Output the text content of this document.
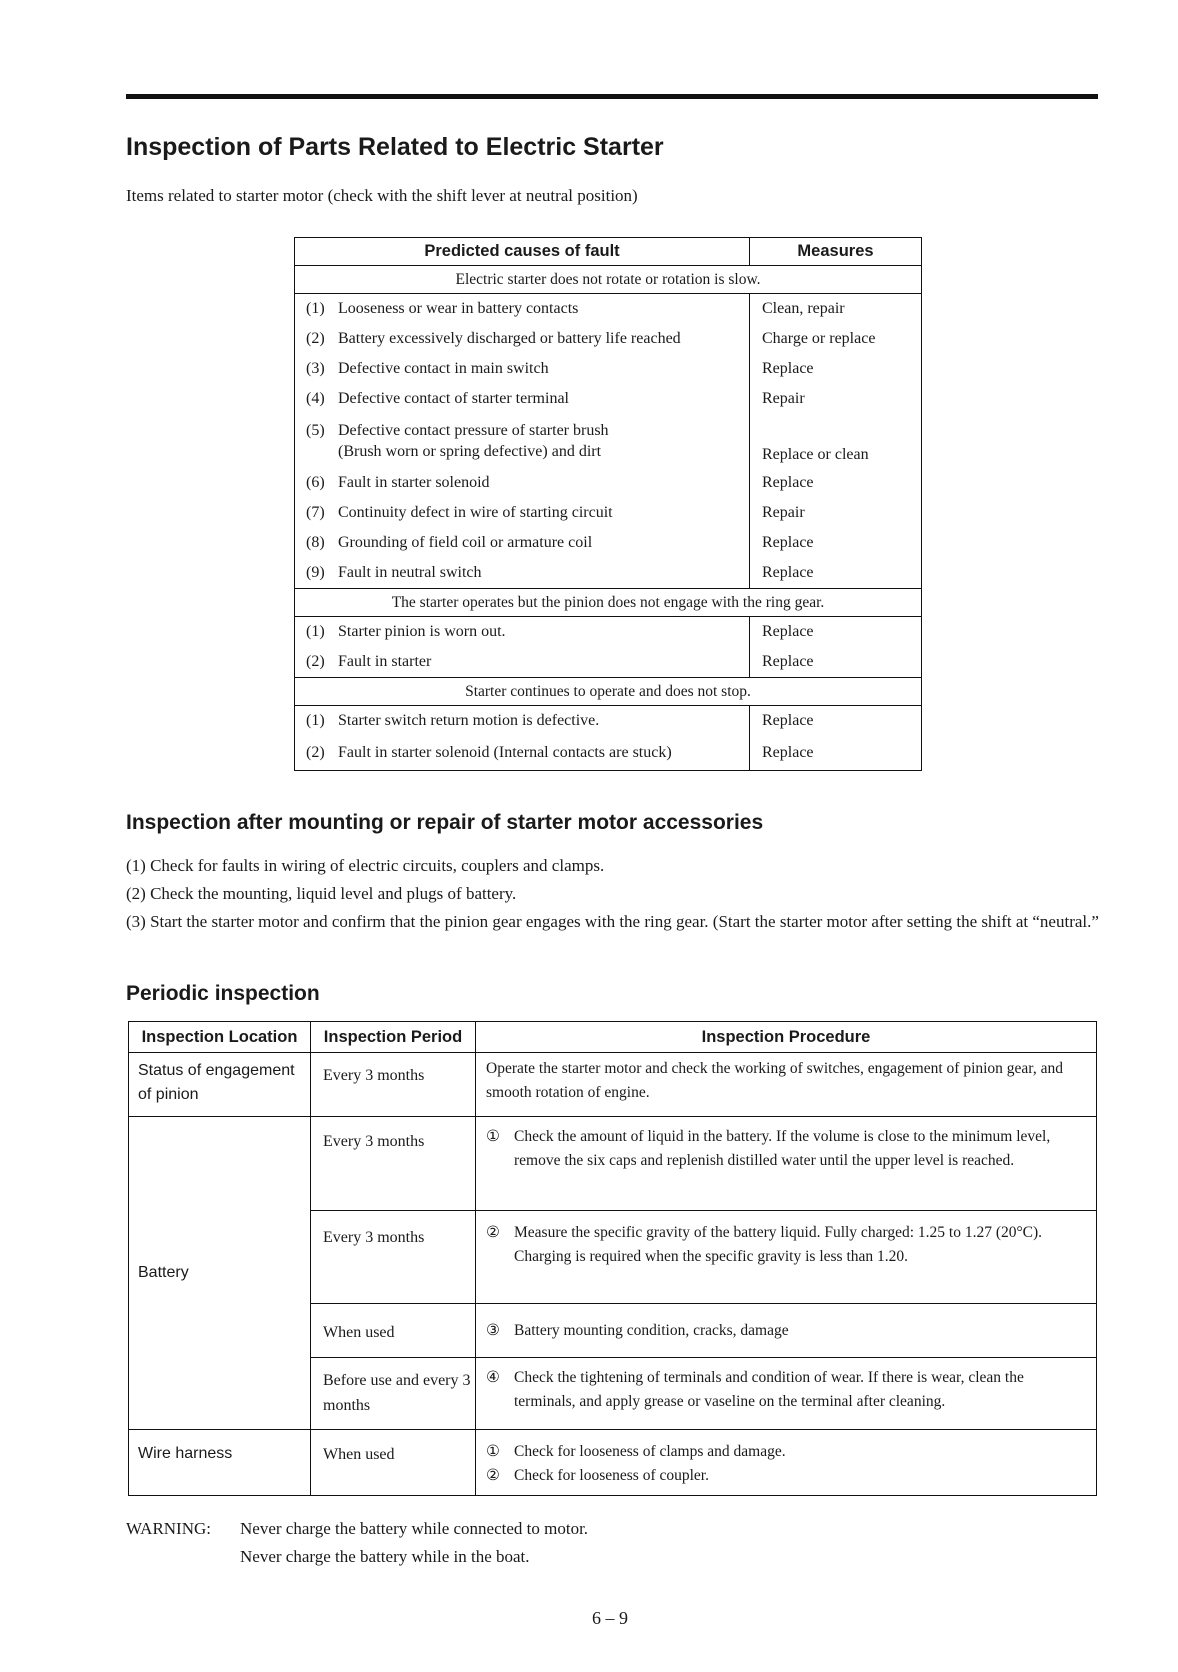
Inspection of Parts Related to Electric Starter
Items related to starter motor (check with the shift lever at neutral position)
Predicted causes of fault	Measures
Electric starter does not rotate or rotation is slow.	
(1) Looseness or wear in battery contacts	Clean, repair
(2) Battery excessively discharged or battery life reached	Charge or replace
(3) Defective contact in main switch	Replace
(4) Defective contact of starter terminal	Repair
(5) Defective contact pressure of starter brush
(Brush worn or spring defective) and dirt	Replace or clean
(6) Fault in starter solenoid	Replace
(7) Continuity defect in wire of starting circuit	Repair
(8) Grounding of field coil or armature coil	Replace
(9) Fault in neutral switch	Replace
The starter operates but the pinion does not engage with the ring gear.	
(1) Starter pinion is worn out.	Replace
(2) Fault in starter	Replace
Starter continues to operate and does not stop.	
(1) Starter switch return motion is defective.	Replace
(2) Fault in starter solenoid (Internal contacts are stuck)	Replace
Inspection after mounting or repair of starter motor accessories
(1) Check for faults in wiring of electric circuits, couplers and clamps.
(2) Check the mounting, liquid level and plugs of battery.
(3) Start the starter motor and confirm that the pinion gear engages with the ring gear. (Start the starter motor after setting the shift at “neutral.”
Periodic inspection
Inspection Location	Inspection Period	Inspection Procedure
Status of engagement of pinion	Every 3 months	Operate the starter motor and check the working of switches, engagement of pinion gear, and smooth rotation of engine.
Battery	Every 3 months	① Check the amount of liquid in the battery. If the volume is close to the minimum level, remove the six caps and replenish distilled water until the upper level is reached.

	Every 3 months	② Measure the specific gravity of the battery liquid. Fully charged: 1.25 to 1.27 (20°C). Charging is required when the specific gravity is less than 1.20.

	When used	③ Battery mounting condition, cracks, damage

	Before use and every 3 months	④ Check the tightening of terminals and condition of wear. If there is wear, clean the terminals, and apply grease or vaseline on the terminal after cleaning.

Wire harness	When used	① Check for looseness of clamps and damage.
② Check for looseness of coupler.
WARNING: Never charge the battery while connected to motor.
Never charge the battery while in the boat.
6 – 9
